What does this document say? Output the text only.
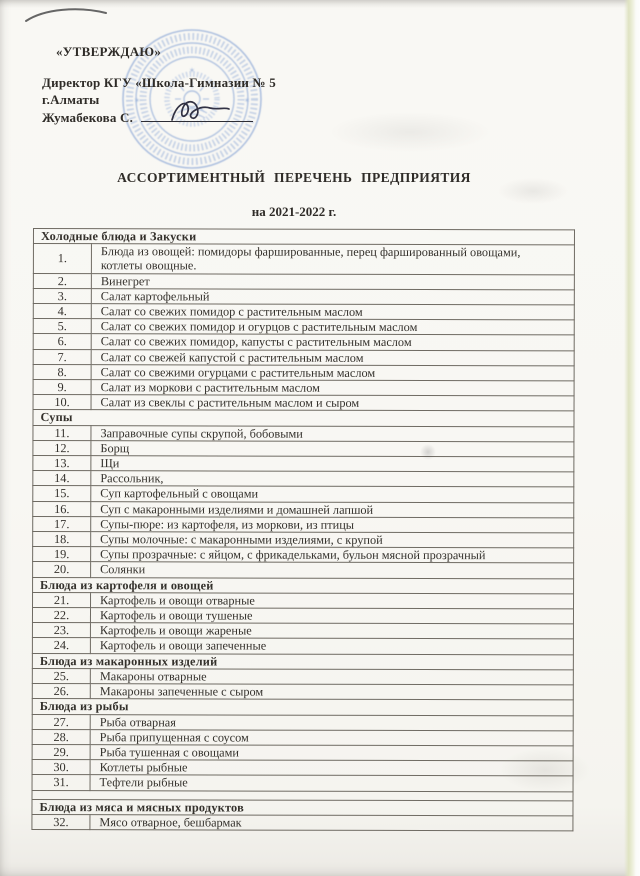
✶	✶
✶
«УТВЕРЖДАЮ»
Директор КГУ «Школа-Гимназии № 5
г.Алматы
Жумабекова С.
АССОРТИМЕНТНЫЙ ПЕРЕЧЕНЬ ПРЕДПРИЯТИЯ
на 2021-2022 г.
Холодные блюда и Закуски	
1.	Блюда из овощей: помидоры фаршированные, перец фаршированный овощами,
котлеты овощные.
2.	Винегрет
3.	Салат картофельный
4.	Салат со свежих помидор с растительным маслом
5.	Салат со свежих помидор и огурцов с растительным маслом
6.	Салат со свежих помидор, капусты с растительным маслом
7.	Салат со свежей капустой с растительным маслом
8.	Салат со свежими огурцами с растительным маслом
9.	Салат из моркови с растительным маслом
10.	Салат из свеклы с растительным маслом и сыром
Супы	
11.	Заправочные супы скрупой, бобовыми
12.	Борщ
13.	Щи
14.	Рассольник,
15.	Суп картофельный с овощами
16.	Суп с макаронными изделиями и домашней лапшой
17.	Супы-пюре: из картофеля, из моркови, из птицы
18.	Супы молочные: с макаронными изделиями, с крупой
19.	Супы прозрачные: с яйцом, с фрикадельками, бульон мясной прозрачный
20.	Солянки
Блюда из картофеля и овощей	
21.	Картофель и овощи отварные
22.	Картофель и овощи тушеные
23.	Картофель и овощи жареные
24.	Картофель и овощи запеченные
Блюда из макаронных изделий	
25.	Макароны отварные
26.	Макароны запеченные с сыром
Блюда из рыбы	
27.	Рыба отварная
28.	Рыба припущенная с соусом
29.	Рыба тушенная с овощами
30.	Котлеты рыбные
31.	Тефтели рыбные

Блюда из мяса и мясных продуктов	
32.	Мясо отварное, бешбармак
